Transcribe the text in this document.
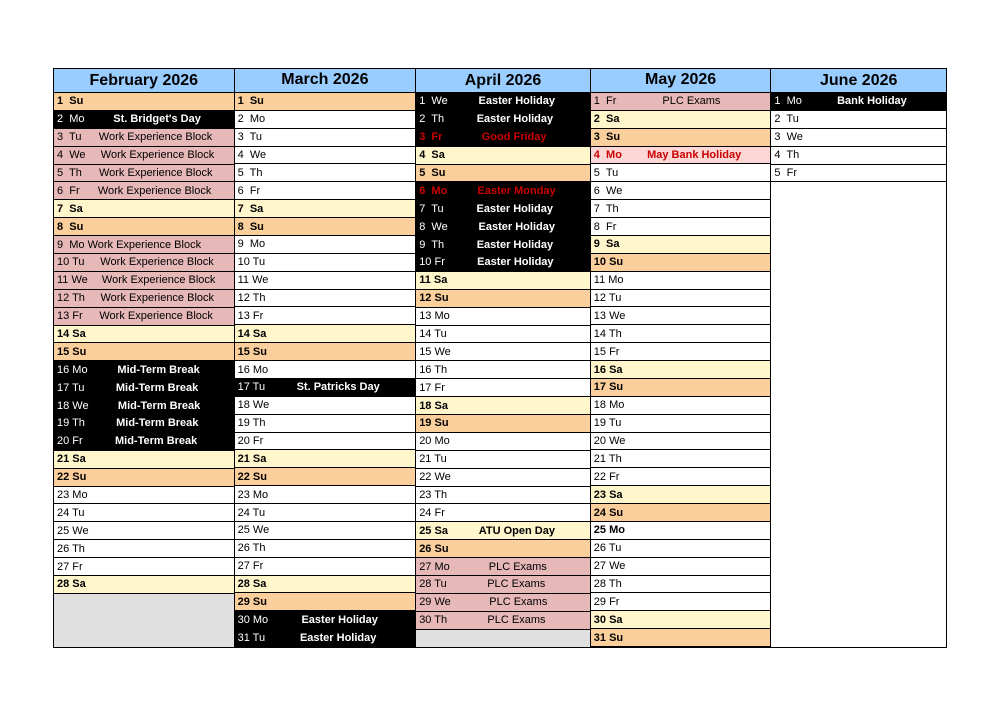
February 2026
1  Su
2  Mo	St. Bridget's Day
3  Tu	Work Experience Block
4  We	Work Experience Block
5  Th	Work Experience Block
6  Fr	Work Experience Block
7  Sa
8  Su
9  Mo Work Experience Block
10 Tu	Work Experience Block
11 We	Work Experience Block
12 Th	Work Experience Block
13 Fr	Work Experience Block
14 Sa
15 Su
16 Mo	Mid-Term Break
17 Tu	Mid-Term Break
18 We	Mid-Term Break
19 Th	Mid-Term Break
20 Fr	Mid-Term Break
21 Sa
22 Su
23 Mo
24 Tu
25 We
26 Th
27 Fr
28 Sa
March 2026
1  Su
2  Mo
3  Tu
4  We
5  Th
6  Fr
7  Sa
8  Su
9  Mo
10 Tu
11 We
12 Th
13 Fr
14 Sa
15 Su
16 Mo
17 Tu	St. Patricks Day
18 We
19 Th
20 Fr
21 Sa
22 Su
23 Mo
24 Tu
25 We
26 Th
27 Fr
28 Sa
29 Su
30 Mo	Easter Holiday
31 Tu	Easter Holiday
April 2026
1  We	Easter Holiday
2  Th	Easter Holiday
3  Fr	Good Friday
4  Sa
5  Su
6  Mo	Easter Monday
7  Tu	Easter Holiday
8  We	Easter Holiday
9  Th	Easter Holiday
10 Fr	Easter Holiday
11 Sa
12 Su
13 Mo
14 Tu
15 We
16 Th
17 Fr
18 Sa
19 Su
20 Mo
21 Tu
22 We
23 Th
24 Fr
25 Sa	ATU Open Day
26 Su
27 Mo	PLC Exams
28 Tu	PLC Exams
29 We	PLC Exams
30 Th	PLC Exams
May 2026
1  Fr	PLC Exams
2  Sa
3  Su
4  Mo	May Bank Holiday
5  Tu
6  We
7  Th
8  Fr
9  Sa
10 Su
11 Mo
12 Tu
13 We
14 Th
15 Fr
16 Sa
17 Su
18 Mo
19 Tu
20 We
21 Th
22 Fr
23 Sa
24 Su
25 Mo
26 Tu
27 We
28 Th
29 Fr
30 Sa
31 Su
June 2026
1  Mo	Bank Holiday
2  Tu
3  We
4  Th
5  Fr
